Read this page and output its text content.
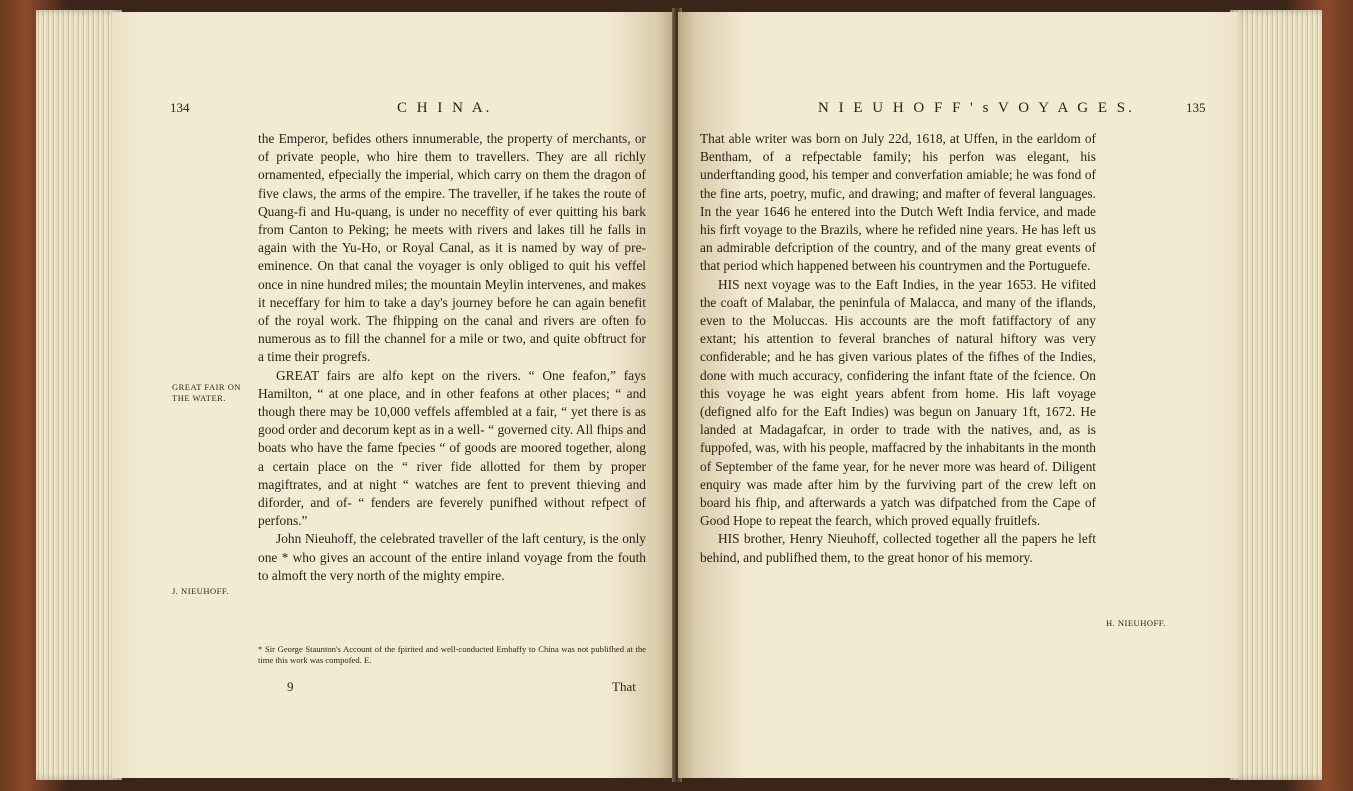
134	C H I N A.

the Emperor, befides others innumerable, the property of merchants, or of private people, who hire them to travellers. They are all richly ornamented, efpecially the imperial, which carry on them the dragon of five claws, the arms of the empire. The traveller, if he takes the route of Quang-fi and Hu-quang, is under no neceffity of ever quitting his bark from Canton to Peking; he meets with rivers and lakes till he falls in again with the Yu-Ho, or Royal Canal, as it is named by way of pre-eminence. On that canal the voyager is only obliged to quit his veffel once in nine hundred miles; the mountain Meylin intervenes, and makes it neceffary for him to take a day's journey before he can again benefit of the royal work. The fhipping on the canal and rivers are often fo numerous as to fill the channel for a mile or two, and quite obftruct for a time their progrefs.

GREAT fairs are alfo kept on the rivers. “ One feafon,” fays Hamilton, “ at one place, and in other feafons at other places; “ and though there may be 10,000 veffels affembled at a fair, “ yet there is as good order and decorum kept as in a well- “ governed city. All fhips and boats who have the fame fpecies “ of goods are moored together, along a certain place on the “ river fide allotted for them by proper magiftrates, and at night “ watches are fent to prevent thieving and diforder, and of- “ fenders are feverely punifhed without refpect of perfons.”

John Nieuhoff, the celebrated traveller of the laft century, is the only one * who gives an account of the entire inland voyage from the fouth to almoft the very north of the mighty empire.

GREAT FAIR ON THE WATER.
J. NIEUHOFF.
* Sir George Staunton's Account of the fpirited and well-conducted Embaffy to China was not publifhed at the time this work was compofed. E.
9	That
N I E U H O F F ' s V O Y A G E S.	135

That able writer was born on July 22d, 1618, at Uffen, in the earldom of Bentham, of a refpectable family; his perfon was elegant, his underftanding good, his temper and converfation amiable; he was fond of the fine arts, poetry, mufic, and drawing; and mafter of feveral languages. In the year 1646 he entered into the Dutch Weft India fervice, and made his firft voyage to the Brazils, where he refided nine years. He has left us an admirable defcription of the country, and of the many great events of that period which happened between his countrymen and the Portuguefe.

HIS next voyage was to the Eaft Indies, in the year 1653. He vifited the coaft of Malabar, the peninfula of Malacca, and many of the iflands, even to the Moluccas. His accounts are the moft fatiffactory of any extant; his attention to feveral branches of natural hiftory was very confiderable; and he has given various plates of the fifhes of the Indies, done with much accuracy, confidering the infant ftate of the fcience. On this voyage he was eight years abfent from home. His laft voyage (defigned alfo for the Eaft Indies) was begun on January 1ft, 1672. He landed at Madagafcar, in order to trade with the natives, and, as is fuppofed, was, with his people, maffacred by the inhabitants in the month of September of the fame year, for he never more was heard of. Diligent enquiry was made after him by the furviving part of the crew left on board his fhip, and afterwards a yatch was difpatched from the Cape of Good Hope to repeat the fearch, which proved equally fruitlefs.

HIS brother, Henry Nieuhoff, collected together all the papers he left behind, and publifhed them, to the great honor of his memory.

H. NIEUHOFF.
